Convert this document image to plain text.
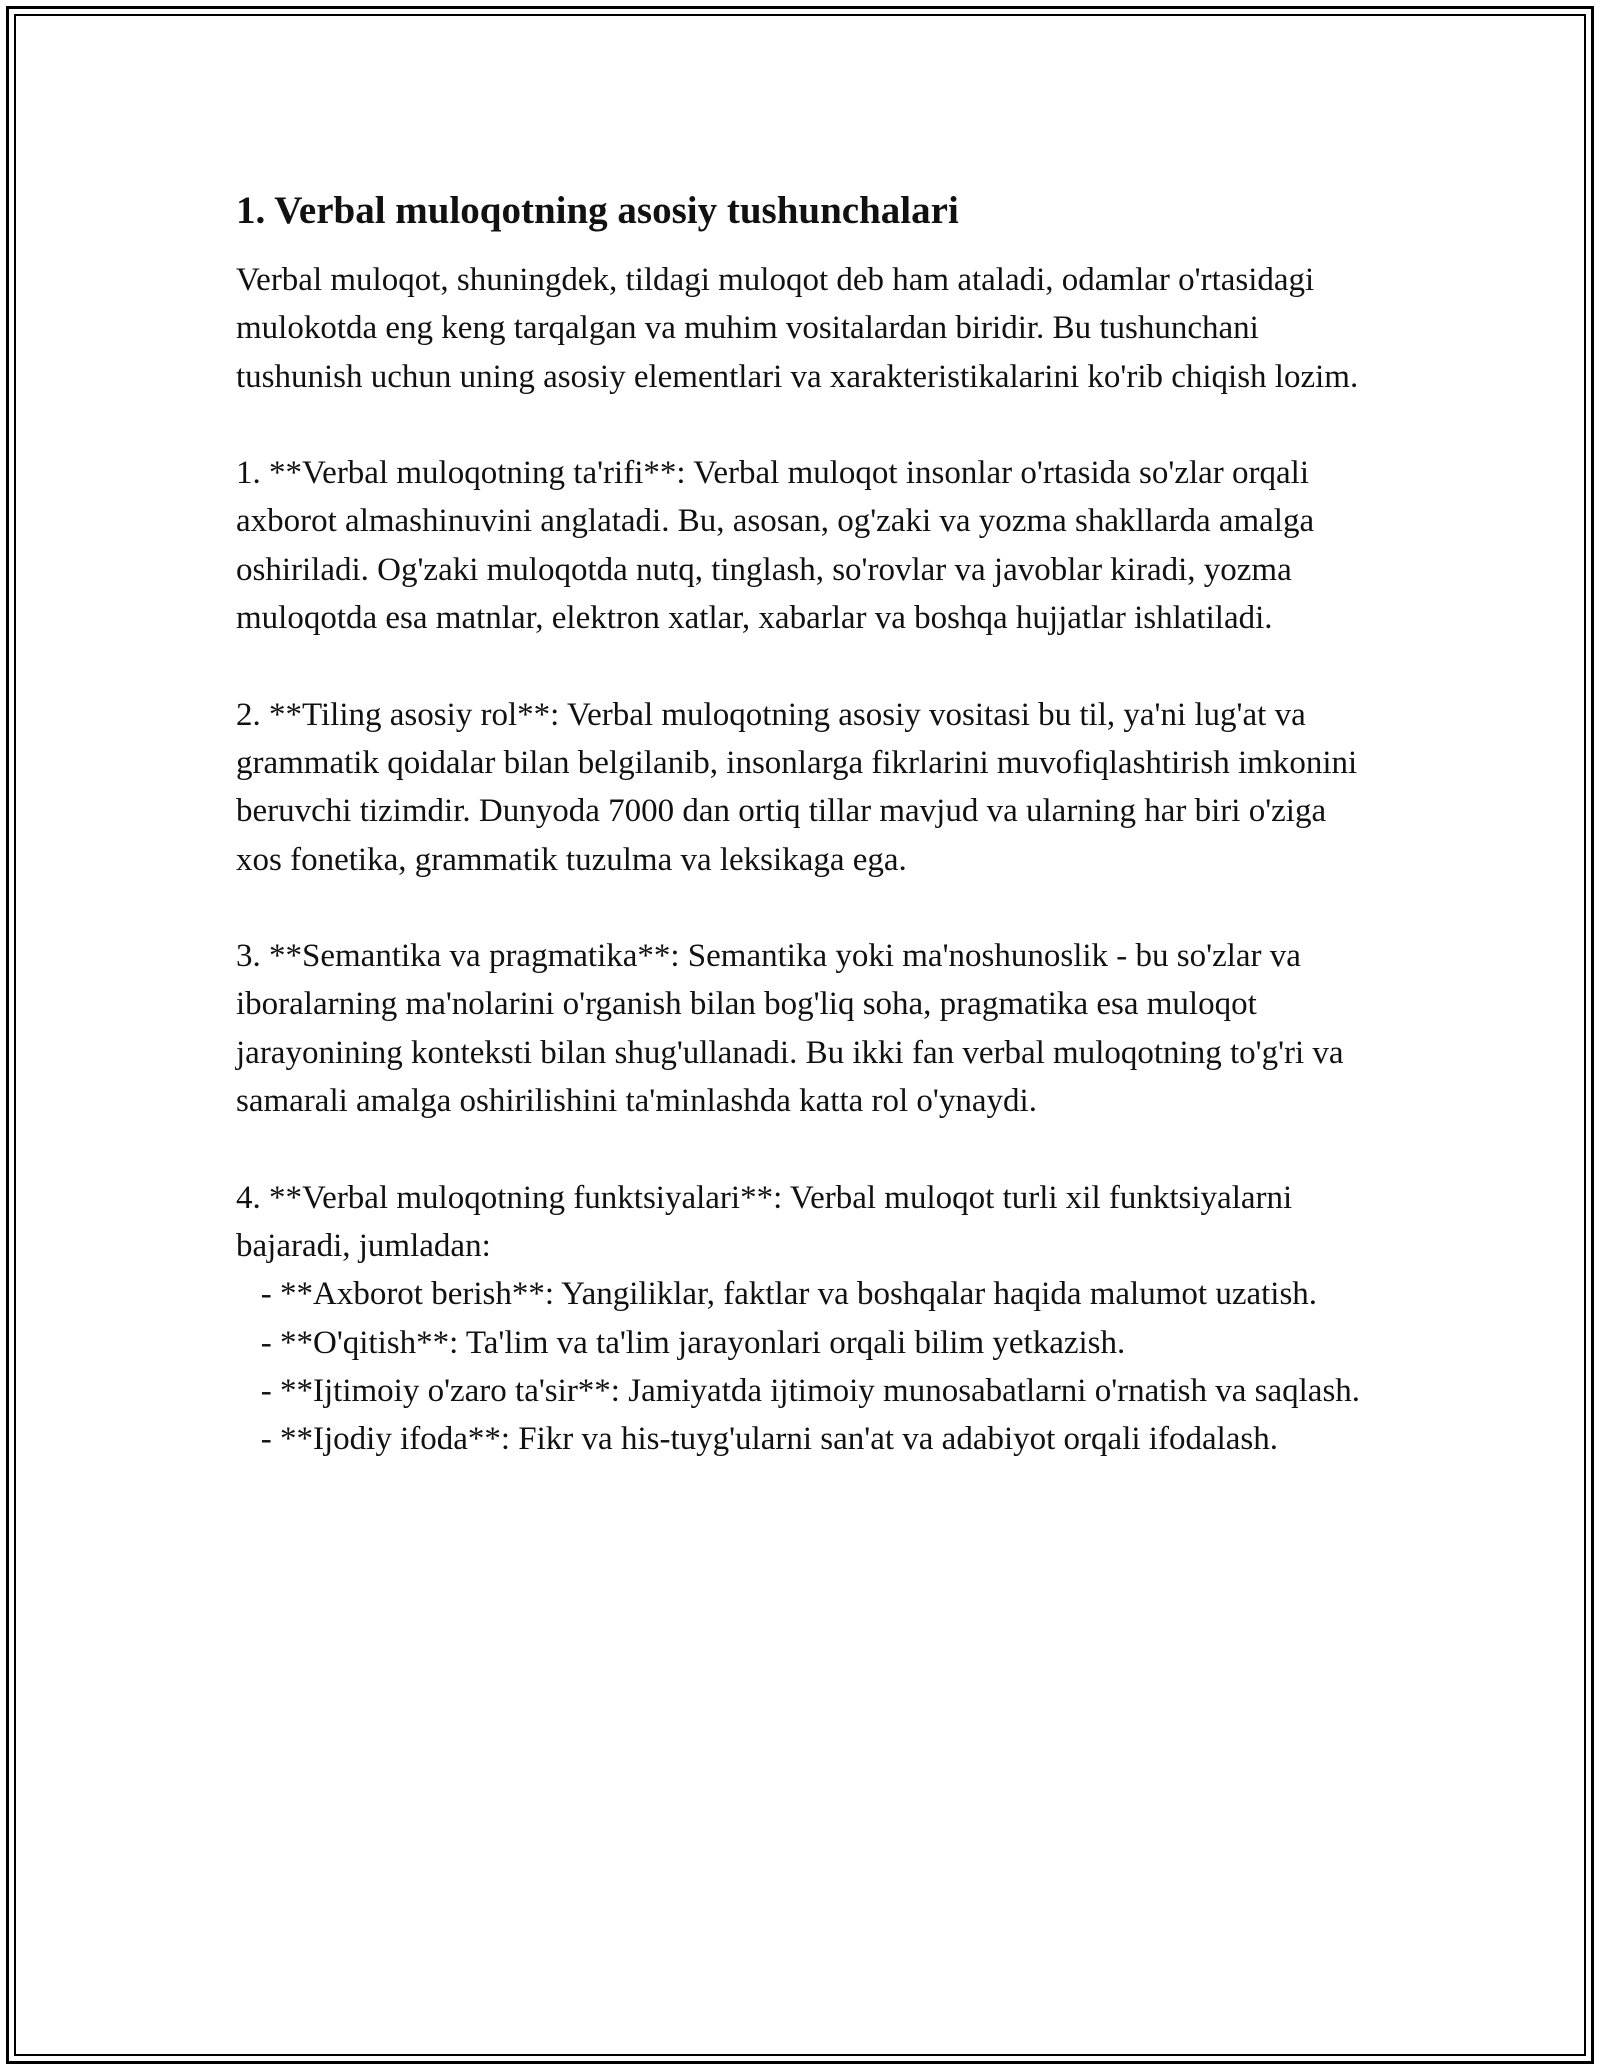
1. Verbal muloqotning asosiy tushunchalari

Verbal muloqot, shuningdek, tildagi muloqot deb ham ataladi, odamlar o'rtasidagi mulokotda eng keng tarqalgan va muhim vositalardan biridir. Bu tushunchani tushunish uchun uning asosiy elementlari va xarakteristikalarini ko'rib chiqish lozim.

1. **Verbal muloqotning ta'rifi**: Verbal muloqot insonlar o'rtasida so'zlar orqali axborot almashinuvini anglatadi. Bu, asosan, og'zaki va yozma shakllarda amalga oshiriladi. Og'zaki muloqotda nutq, tinglash, so'rovlar va javoblar kiradi, yozma muloqotda esa matnlar, elektron xatlar, xabarlar va boshqa hujjatlar ishlatiladi.

2. **Tiling asosiy rol**: Verbal muloqotning asosiy vositasi bu til, ya'ni lug'at va grammatik qoidalar bilan belgilanib, insonlarga fikrlarini muvofiqlashtirish imkonini beruvchi tizimdir. Dunyoda 7000 dan ortiq tillar mavjud va ularning har biri o'ziga xos fonetika, grammatik tuzulma va leksikaga ega.

3. **Semantika va pragmatika**: Semantika yoki ma'noshunoslik - bu so'zlar va iboralarning ma'nolarini o'rganish bilan bog'liq soha, pragmatika esa muloqot jarayonining konteksti bilan shug'ullanadi. Bu ikki fan verbal muloqotning to'g'ri va samarali amalga oshirilishini ta'minlashda katta rol o'ynaydi.

4. **Verbal muloqotning funktsiyalari**: Verbal muloqot turli xil funktsiyalarni bajaradi, jumladan:

- **Axborot berish**: Yangiliklar, faktlar va boshqalar haqida malumot uzatish.
- **O'qitish**: Ta'lim va ta'lim jarayonlari orqali bilim yetkazish.
- **Ijtimoiy o'zaro ta'sir**: Jamiyatda ijtimoiy munosabatlarni o'rnatish va saqlash.
- **Ijodiy ifoda**: Fikr va his-tuyg'ularni san'at va adabiyot orqali ifodalash.
